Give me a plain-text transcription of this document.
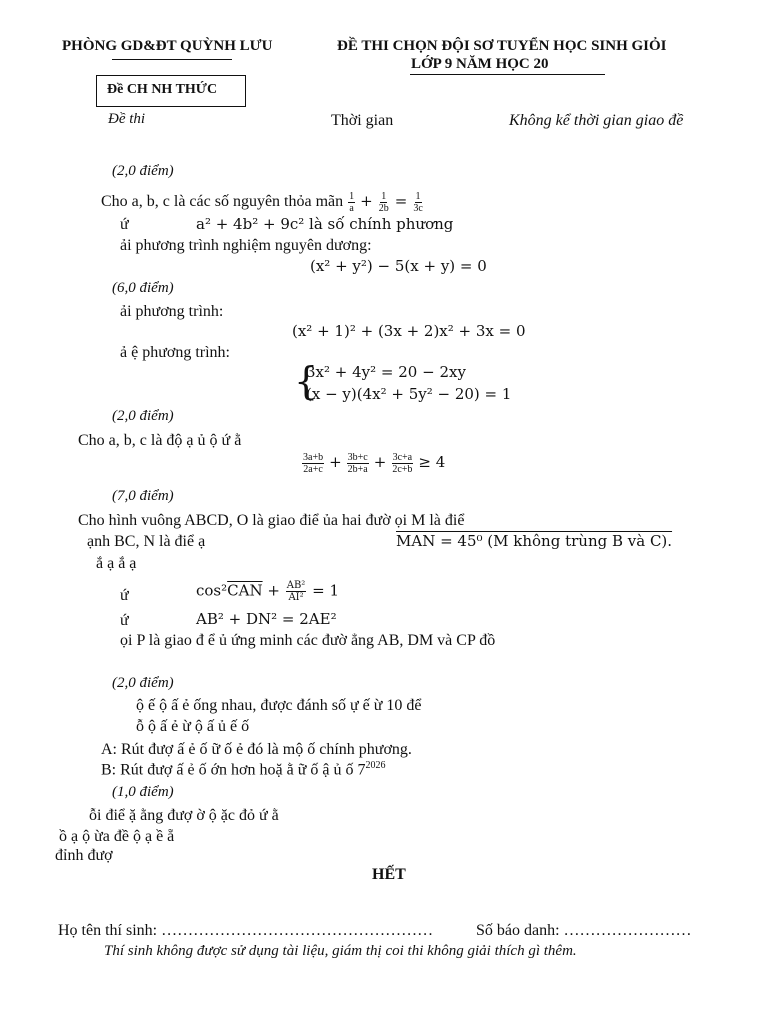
PHÒNG GD&ĐT QUỲNH LƯU	ĐỀ THI CHỌN ĐỘI SƠ TUYỂN HỌC SINH GIỎI
LỚP 9 NĂM HỌC 20
Đề CH NH THỨC
Đề thi	Thời gian	Không kể thời gian giao đề
(2,0 điểm)
Cho a, b, c là các số nguyên thỏa mãn $\frac{1}{a} + \frac{1}{2b} = \frac{1}{3c}$
ứ	a² + 4b² + 9c² là số chính phương
ải phương trình nghiệm nguyên dương:
(x² + y²) − 5(x + y) = 0
(6,0 điểm)
ải phương trình:
(x² + 1)² + (3x + 2)x² + 3x = 0
ả ệ phương trình:
{
3x² + 4y² = 20 − 2xy
(x − y)(4x² + 5y² − 20) = 1
(2,0 điểm)
Cho a, b, c là độ ạ ủ ộ ứ ằ
$\frac{3a+b}{2a+c} + \frac{3b+c}{2b+a} + \frac{3c+a}{2c+b} \ge 4$
(7,0 điểm)
Cho hình vuông ABCD, O là giao điể ủa hai đườ ọi M là điể
ạnh BC, N là điể ạ	MAN = 45⁰ (M không trùng B và C).
ắ ạ ắ ạ
ứ	$\cos^2\overline{CAN} + \frac{\text{AB²}}{\text{AI²}} = 1$
ứ	AB² + DN² = 2AE²
ọi P là giao đ ể ủ ứng minh các đườ ẳng AB, DM và CP đồ
(2,0 điểm)
ộ ế ộ ấ ẻ ống nhau, được đánh số ự ế ừ 10 để
ỗ ộ ấ ẻ ừ ộ ấ ủ ế ố
A: Rút đượ ấ ẻ ố ữ ố ẻ đó là mộ ố chính phương.
B: Rút đượ ấ ẻ ố ớn hơn hoặ ằ ữ ố ậ ủ ố $7^{2026}$
(1,0 điểm)
ỗi điể ặ ằng đượ ờ ộ ặc đỏ ứ ằ
ồ ạ ộ ừa đề ộ ạ ề ẵ
đỉnh đượ
HẾT
Họ tên thí sinh: ……………………………………………	Số báo danh: ……………………
Thí sinh không được sử dụng tài liệu, giám thị coi thi không giải thích gì thêm.
